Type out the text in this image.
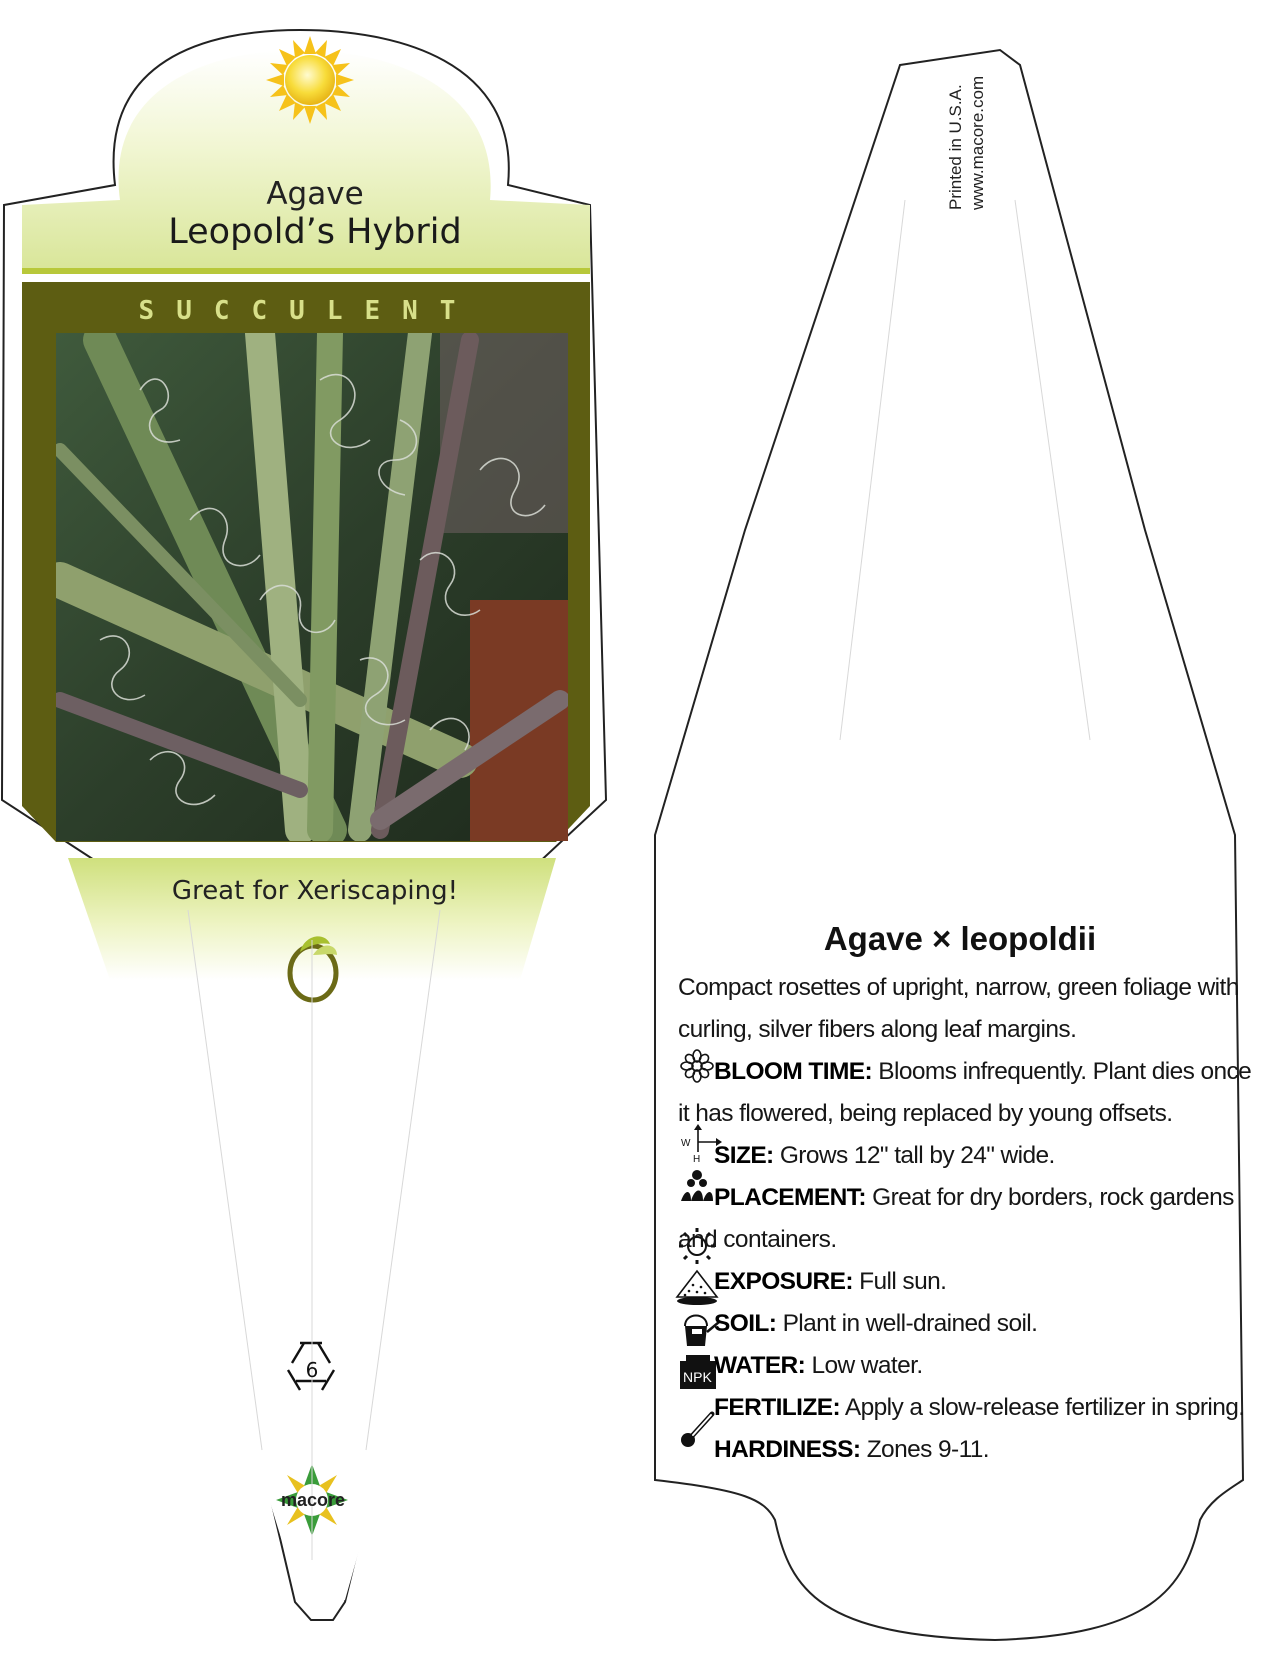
W
H
NPK
Agave
Leopold’s Hybrid
SUCCULENT
Great for Xeriscaping!
6
macore
Printed in U.S.A. www.macore.com
Agave × leopoldii

Compact rosettes of upright, narrow, green foliage with curling, silver fibers along leaf margins.

BLOOM TIME: Blooms infrequently. Plant dies once it has flowered, being replaced by young offsets.

SIZE: Grows 12" tall by 24" wide.

PLACEMENT: Great for dry borders, rock gardens and containers.

EXPOSURE: Full sun.

SOIL: Plant in well-drained soil.

WATER: Low water.

FERTILIZE: Apply a slow-release fertilizer in spring.

HARDINESS: Zones 9-11.
